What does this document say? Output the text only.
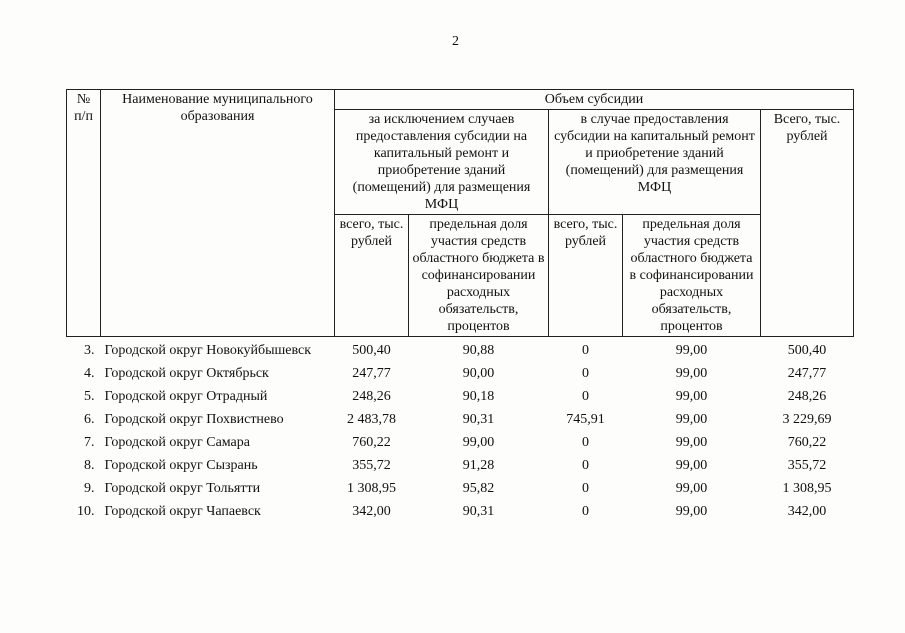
2
№ п/п	Наименование муниципального образования	Объем субсидии				
		за исключением случаев предоставления субсидии на капитальный ремонт и приобретение зданий (помещений) для размещения МФЦ		в случае предоставления субсидии на капитальный ремонт и приобретение зданий (помещений) для размещения МФЦ		Всего, тыс. рублей
		всего, тыс. рублей	предельная доля участия средств областного бюджета в софинансировании расходных обязательств, процентов	всего, тыс. рублей	предельная доля участия средств областного бюджета в софинансировании расходных обязательств, процентов	
3.	Городской округ Новокуйбышевск	500,40	90,88	0	99,00	500,40
4.	Городской округ Октябрьск	247,77	90,00	0	99,00	247,77
5.	Городской округ Отрадный	248,26	90,18	0	99,00	248,26
6.	Городской округ Похвистнево	2 483,78	90,31	745,91	99,00	3 229,69
7.	Городской округ Самара	760,22	99,00	0	99,00	760,22
8.	Городской округ Сызрань	355,72	91,28	0	99,00	355,72
9.	Городской округ Тольятти	1 308,95	95,82	0	99,00	1 308,95
10.	Городской округ Чапаевск	342,00	90,31	0	99,00	342,00
